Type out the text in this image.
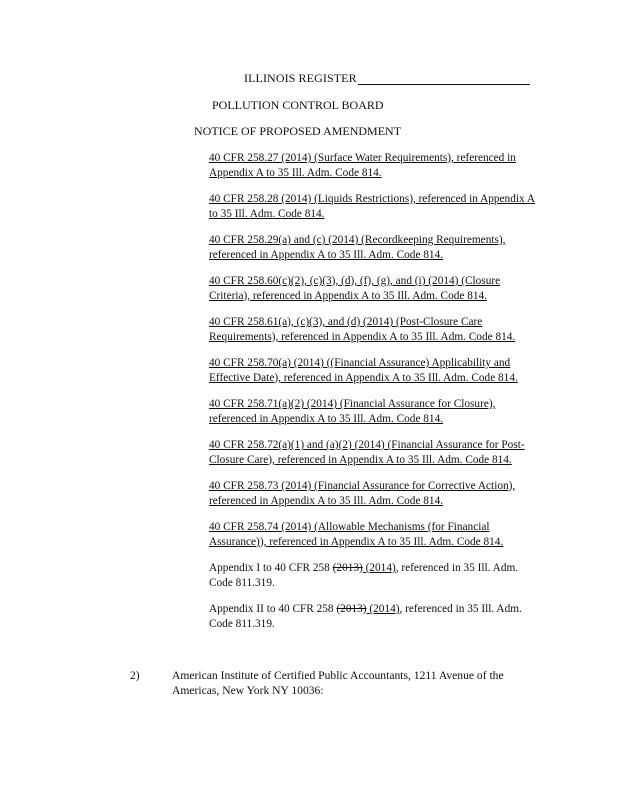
ILLINOIS REGISTER
POLLUTION CONTROL BOARD
NOTICE OF PROPOSED AMENDMENT
40 CFR 258.27 (2014) (Surface Water Requirements), referenced in Appendix A to 35 Ill. Adm. Code 814.
40 CFR 258.28 (2014) (Liquids Restrictions), referenced in Appendix A to 35 Ill. Adm. Code 814.
40 CFR 258.29(a) and (c) (2014) (Recordkeeping Requirements), referenced in Appendix A to 35 Ill. Adm. Code 814.
40 CFR 258.60(c)(2), (c)(3), (d), (f), (g), and (i) (2014) (Closure Criteria), referenced in Appendix A to 35 Ill. Adm. Code 814.
40 CFR 258.61(a), (c)(3), and (d) (2014) (Post-Closure Care Requirements), referenced in Appendix A to 35 Ill. Adm. Code 814.
40 CFR 258.70(a) (2014) ((Financial Assurance) Applicability and Effective Date), referenced in Appendix A to 35 Ill. Adm. Code 814.
40 CFR 258.71(a)(2) (2014) (Financial Assurance for Closure), referenced in Appendix A to 35 Ill. Adm. Code 814.
40 CFR 258.72(a)(1) and (a)(2) (2014) (Financial Assurance for Post-Closure Care), referenced in Appendix A to 35 Ill. Adm. Code 814.
40 CFR 258.73 (2014) (Financial Assurance for Corrective Action), referenced in Appendix A to 35 Ill. Adm. Code 814.
40 CFR 258.74 (2014) (Allowable Mechanisms (for Financial Assurance)), referenced in Appendix A to 35 Ill. Adm. Code 814.
Appendix I to 40 CFR 258 (2013) (2014), referenced in 35 Ill. Adm. Code 811.319.
Appendix II to 40 CFR 258 (2013) (2014), referenced in 35 Ill. Adm. Code 811.319.
2)	American Institute of Certified Public Accountants, 1211 Avenue of the Americas, New York NY 10036:
